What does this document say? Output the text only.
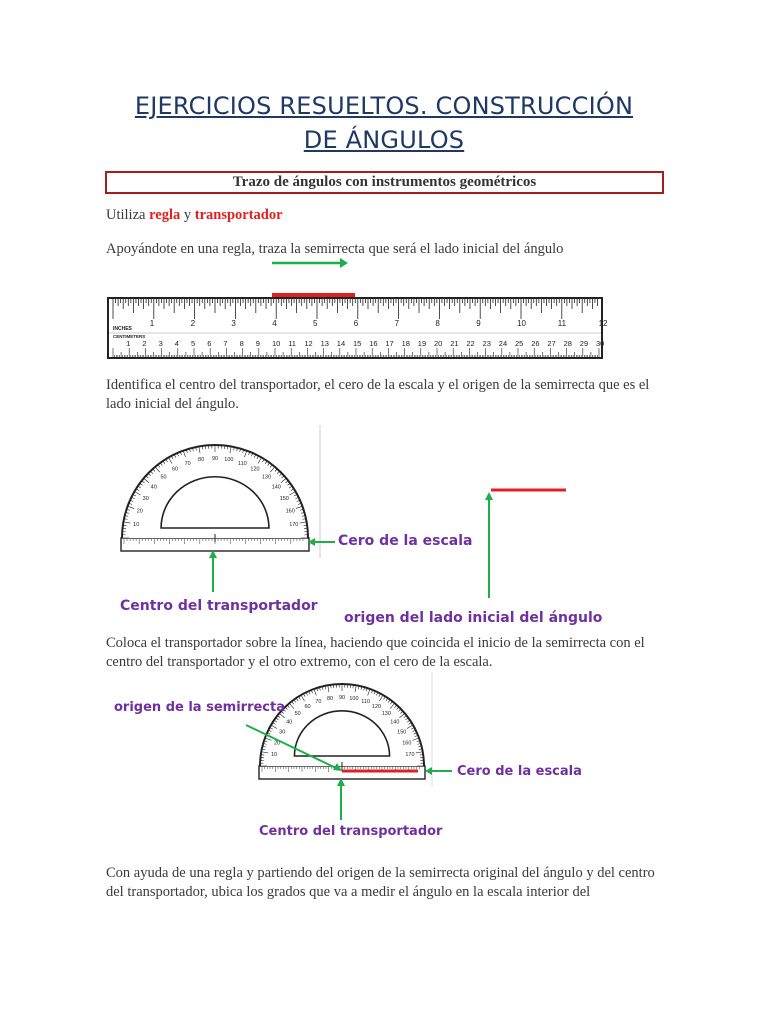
EJERCICIOS RESUELTOS. CONSTRUCCIÓN
DE ÁNGULOS
Trazo de ángulos con instrumentos geométricos
Utiliza regla y transportador
Apoyándote en una regla, traza la semirrecta que será el lado inicial del ángulo
1	2	3	4	5	6	7	8	9	10	11	12
INCHES
1 2 3 4 5 6 7 8 9 10 11 12 13 14 15 16 17 18 19 20 21 22 23 24 25 26 27 28 29 30
CENTIMETERS
Identifica el centro del transportador, el cero de la escala y el origen de la semirrecta que es el lado inicial del ángulo.
10
20
30
40
50
60
70
80 90 100
110
120
130
140
150
160
170
Cero de la escala
Centro del transportador
origen del lado inicial del ángulo
Coloca el transportador sobre la línea, haciendo que coincida el inicio de la semirrecta con el centro del transportador y el otro extremo, con el cero de la escala.
10
20
30
40
50
60
70
80 90 100
110
120
130
140
150
160
170
origen de la semirrecta
Cero de la escala
Centro del transportador
Con ayuda de una regla y partiendo del origen de la semirrecta original del ángulo y del centro del transportador, ubica los grados que va a medir el ángulo en la escala interior del
